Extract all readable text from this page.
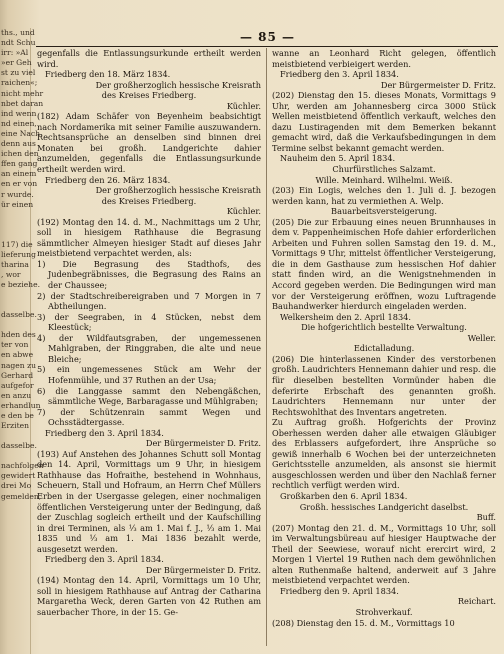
ths., und
ndt Schu
irr: »Al
»er Geh
st zu viel
raichen«;
nicht mehr
nbet daran
ind wenn
nd einen,
eine Nach
denn aus
ichen den
ffen gang
an einem
en er von
r wurde.
ür einen
117) die
lieferung
tharina
, wor
e beziehe.
dasselbe.
hden des
ter von
en abwe
nagen zu
Gerhard
aufgefor
en anzu
erhandlun
e den be
Erziten
dasselbe.
nachfolgen
gewidert
drei Mo
gemelden,
— 85 —
gegenfalls die Entlassungsurkunde ertheilt werden wird.
Friedberg den 18. März 1834.
Der großherzoglich hessische Kreisrath
des Kreises Friedberg.
Küchler.
(182) Adam Schäfer von Beyenheim beabsichtigt nach Nordamerika mit seiner Familie auszuwandern. Rechtsansprüche an denselben sind binnen drei Monaten bei großh. Landgerichte dahier anzumelden, gegenfalls die Entlassungsurkunde ertheilt werden wird.
Friedberg den 26. März 1834.
Der großherzoglich hessische Kreisrath
des Kreises Friedberg.
Küchler.
(192) Montag den 14. d. M., Nachmittags um 2 Uhr, soll in hiesigem Rathhause die Begrasung sämmtlicher Almeyen hiesiger Stadt auf dieses Jahr meistbietend verpachtet werden, als:
1) Die Begrasung des Stadthofs, des Judenbegräbnisses, die Begrasung des Rains an der Chaussee;
2) der Stadtschreibereigraben und 7 Morgen in 7 Abtheilungen.
3) der Seegraben, in 4 Stücken, nebst dem Kleestück;
4) der Wildfautsgraben, der ungemessenen Mahlgraben, der Ringgraben, die alte und neue Bleiche;
5) ein ungemessenes Stück am Wehr der Hofenmühle, und 37 Ruthen an der Usa;
6) die Langgasse sammt den Nebengäßchen, sämmtliche Wege, Barbaragasse und Mühlgraben;
7) der Schützenrain sammt Wegen und Ochsstädtergasse.
Friedberg den 3. April 1834.
Der Bürgermeister D. Fritz.
(193) Auf Anstehen des Johannes Schutt soll Montag den 14. April, Vormittags um 9 Uhr, in hiesigem Rathhause das Hofraithe, bestehend in Wohnhaus, Scheuern, Stall und Hofraum, an Herrn Chef Müllers Erben in der Usergasse gelegen, einer nochmaligen öffentlichen Versteigerung unter der Bedingung, daß der Zuschlag sogleich ertheilt und der Kaufschilling in drei Terminen, als ⅓ am 1. Mai f. J., ⅓ am 1. Mai 1835 und ⅓ am 1. Mai 1836 bezahlt werde, ausgesetzt werden.
Friedberg den 3. April 1834.
Der Bürgermeister D. Fritz.
(194) Montag den 14. April, Vormittags um 10 Uhr, soll in hiesigem Rathhause auf Antrag der Catharina Margaretha Weck, deren Garten von 42 Ruthen am sauerbacher Thore, in der 15. Ge-
wanne an Leonhard Richt gelegen, öffentlich meistbietend verbieigert werden.
Friedberg den 3. April 1834.
Der Bürgermeister D. Fritz.
(202) Dienstag den 15. dieses Monats, Vormittags 9 Uhr, werden am Johannesberg circa 3000 Stück Wellen meistbietend öffentlich verkauft, welches den dazu Lustiragenden mit dem Bemerken bekannt gemacht wird, daß die Verkaufsbedingungen in dem Termine selbst bekannt gemacht werden.
Nauheim den 5. April 1834.
Churfürstliches Salzamt.
Wille. Meinhard. Wilhelmi. Weiß.
(203) Ein Logis, welches den 1. Juli d. J. bezogen werden kann, hat zu vermiethen A. Welp.
Bauarbeitsversteigerung.
(205) Die zur Erbauung eines neuen Brunnhauses in dem v. Pappenheimischen Hofe dahier erforderlichen Arbeiten und Fuhren sollen Samstag den 19. d. M., Vormittags 9 Uhr, mittelst öffentlicher Versteigerung, die in dem Gasthause zum hessischen Hof dahier statt finden wird, an die Wenigstnehmenden in Accord gegeben werden. Die Bedingungen wird man vor der Versteigerung eröffnen, wozu Luftragende Bauhandwerker hierdurch eingeladen werden.
Welkersheim den 2. April 1834.
Die hofgerichtlich bestellte Verwaltung.
Weller.
Edictalladung.
(206) Die hinterlassenen Kinder des verstorbenen großh. Laudrichters Hennemann dahier und resp. die für dieselben bestellten Vormünder haben die deferirte Erbschaft des genannten großh. Laudrichters Hennemann nur unter der Rechtswohlthat des Inventars angetreten.
Zu Auftrag großh. Hofgerichts der Provinz Oberhessen werden daher alle etwaigen Gläubiger des Erblassers aufgefordert, ihre Ansprüche so gewiß innerhalb 6 Wochen bei der unterzeichneten Gerichtsstelle anzumelden, als ansonst sie hiermit ausgeschlossen werden und über den Nachlaß ferner rechtlich verfügt werden wird.
Großkarben den 6. April 1834.
Großh. hessisches Landgericht daselbst.
Buff.
(207) Montag den 21. d. M., Vormittags 10 Uhr, soll im Verwaltungsbüreau auf hiesiger Hauptwache der Theil der Seewiese, worauf nicht erercirt wird, 2 Morgen 1 Viertel 19 Ruthen nach dem gewöhnlichen alten Ruthenmaße haltend, anderweit auf 3 Jahre meistbietend verpachtet werden.
Friedberg den 9. April 1834.
Reichart.
Strohverkauf.
(208) Dienstag den 15. d. M., Vormittags 10
